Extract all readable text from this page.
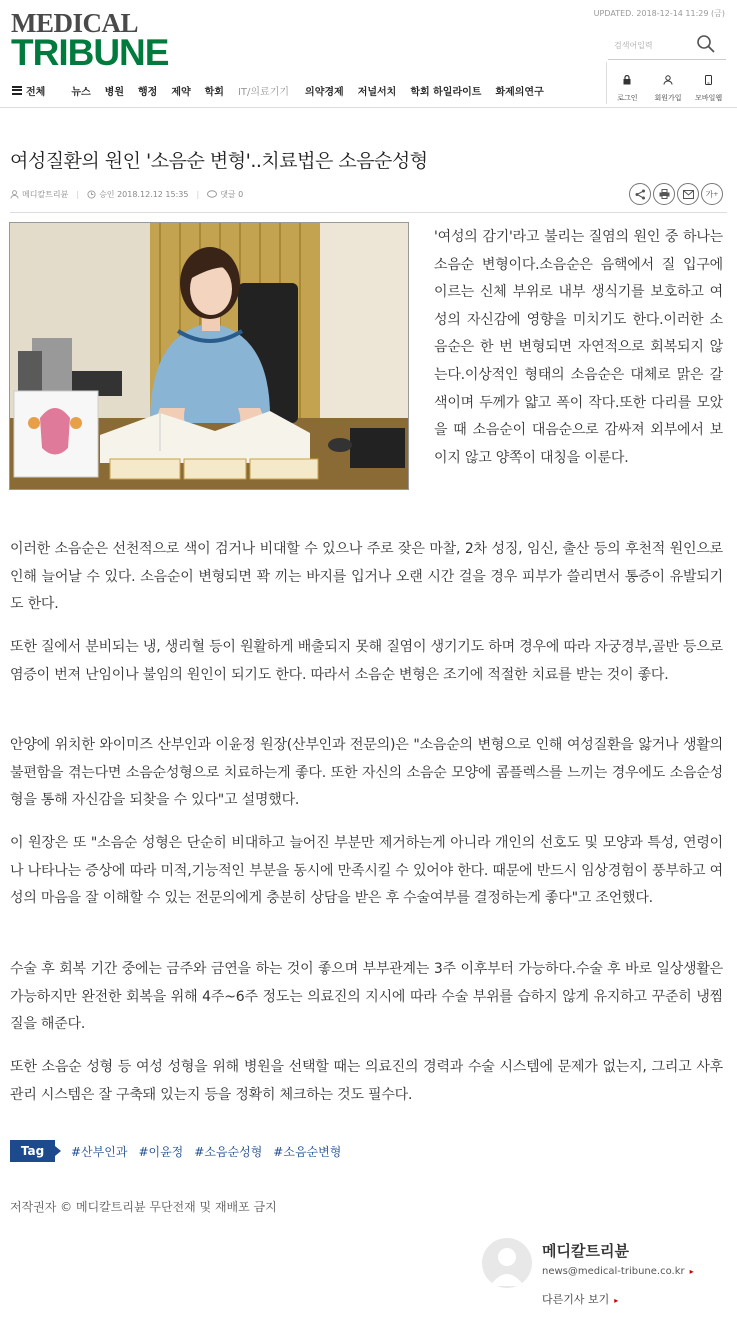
MEDICAL
TRIBUNE
UPDATED. 2018-12-14 11:29 (금)
검색어입력
전체	뉴스 병원 행정 제약 학회 IT/의료기기 의약경제 저널서치 학회 하일라이트 화제의연구
로그인	회원가입	모바일웹
여성질환의 원인 '소음순 변형'..치료법은 소음순성형
메디칼트리뷴 |	승인 2018.12.12 15:35 |	댓글 0	가 +
'여성의 감기'라고 불리는 질염의 원인 중 하나는 소음순 변형이다.소음순은 음핵에서 질 입구에 이르는 신체 부위로 내부 생식기를 보호하고 여성의 자신감에 영향을 미치기도 한다.이러한 소음순은 한 번 변형되면 자연적으로 회복되지 않는다.이상적인 형태의 소음순은 대체로 맑은 갈색이며 두께가 얇고 폭이 작다.또한 다리를 모았을 때 소음순이 대음순으로 감싸져 외부에서 보이지 않고 양쪽이 대칭을 이룬다.

이러한 소음순은 선천적으로 색이 검거나 비대할 수 있으나 주로 잦은 마찰, 2차 성징, 임신, 출산 등의 후천적 원인으로 인해 늘어날 수 있다. 소음순이 변형되면 꽉 끼는 바지를 입거나 오랜 시간 걸을 경우 피부가 쓸리면서 통증이 유발되기도 한다.

또한 질에서 분비되는 냉, 생리혈 등이 원활하게 배출되지 못해 질염이 생기기도 하며 경우에 따라 자궁경부,골반 등으로 염증이 번져 난임이나 불임의 원인이 되기도 한다. 따라서 소음순 변형은 조기에 적절한 치료를 받는 것이 좋다.

안양에 위치한 와이미즈 산부인과 이윤정 원장(산부인과 전문의)은 "소음순의 변형으로 인해 여성질환을 앓거나 생활의 불편함을 겪는다면 소음순성형으로 치료하는게 좋다. 또한 자신의 소음순 모양에 콤플렉스를 느끼는 경우에도 소음순성형을 통해 자신감을 되찾을 수 있다"고 설명했다.

이 원장은 또 "소음순 성형은 단순히 비대하고 늘어진 부분만 제거하는게 아니라 개인의 선호도 및 모양과 특성, 연령이나 나타나는 증상에 따라 미적,기능적인 부분을 동시에 만족시킬 수 있어야 한다. 때문에 반드시 임상경험이 풍부하고 여성의 마음을 잘 이해할 수 있는 전문의에게 충분히 상담을 받은 후 수술여부를 결정하는게 좋다"고 조언했다.

수술 후 회복 기간 중에는 금주와 금연을 하는 것이 좋으며 부부관계는 3주 이후부터 가능하다.수술 후 바로 일상생활은 가능하지만 완전한 회복을 위해 4주~6주 정도는 의료진의 지시에 따라 수술 부위를 습하지 않게 유지하고 꾸준히 냉찜질을 해준다.

또한 소음순 성형 등 여성 성형을 위해 병원을 선택할 때는 의료진의 경력과 수술 시스템에 문제가 없는지, 그리고 사후 관리 시스템은 잘 구축돼 있는지 등을 정확히 체크하는 것도 필수다.

Tag	#산부인과 #이윤정 #소음순성형 #소음순변형
저작권자 © 메디칼트리뷴 무단전재 및 재배포 금지
메디칼트리뷴
news@medical-tribune.co.kr ▸
다른기사 보기 ▸
